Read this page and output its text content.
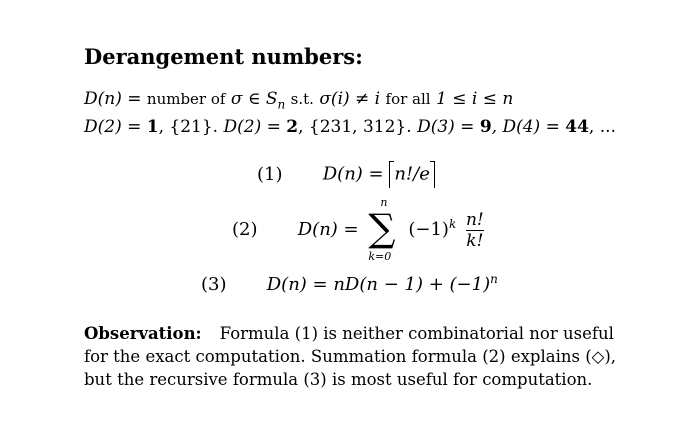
Derangement numbers:
D(n) = number of σ ∈ $S_n$ s.t. σ(i) ≠ i for all 1 ≤ i ≤ n
D(2) = 1, {21}. D(2) = 2, {231, 312}. D(3) = 9, D(4) = 44, ...
(1) D(n) = n!/e
(2) D(n) =
n
∑
k=0
$(-1)^k \frac{n!}{k!}$
(3) $D(n) = nD(n - 1) + (-1)^n$
Observation: Formula (1) is neither combinatorial nor useful for the exact computation. Summation formula (2) explains (◇), but the recursive formula (3) is most useful for computation.
